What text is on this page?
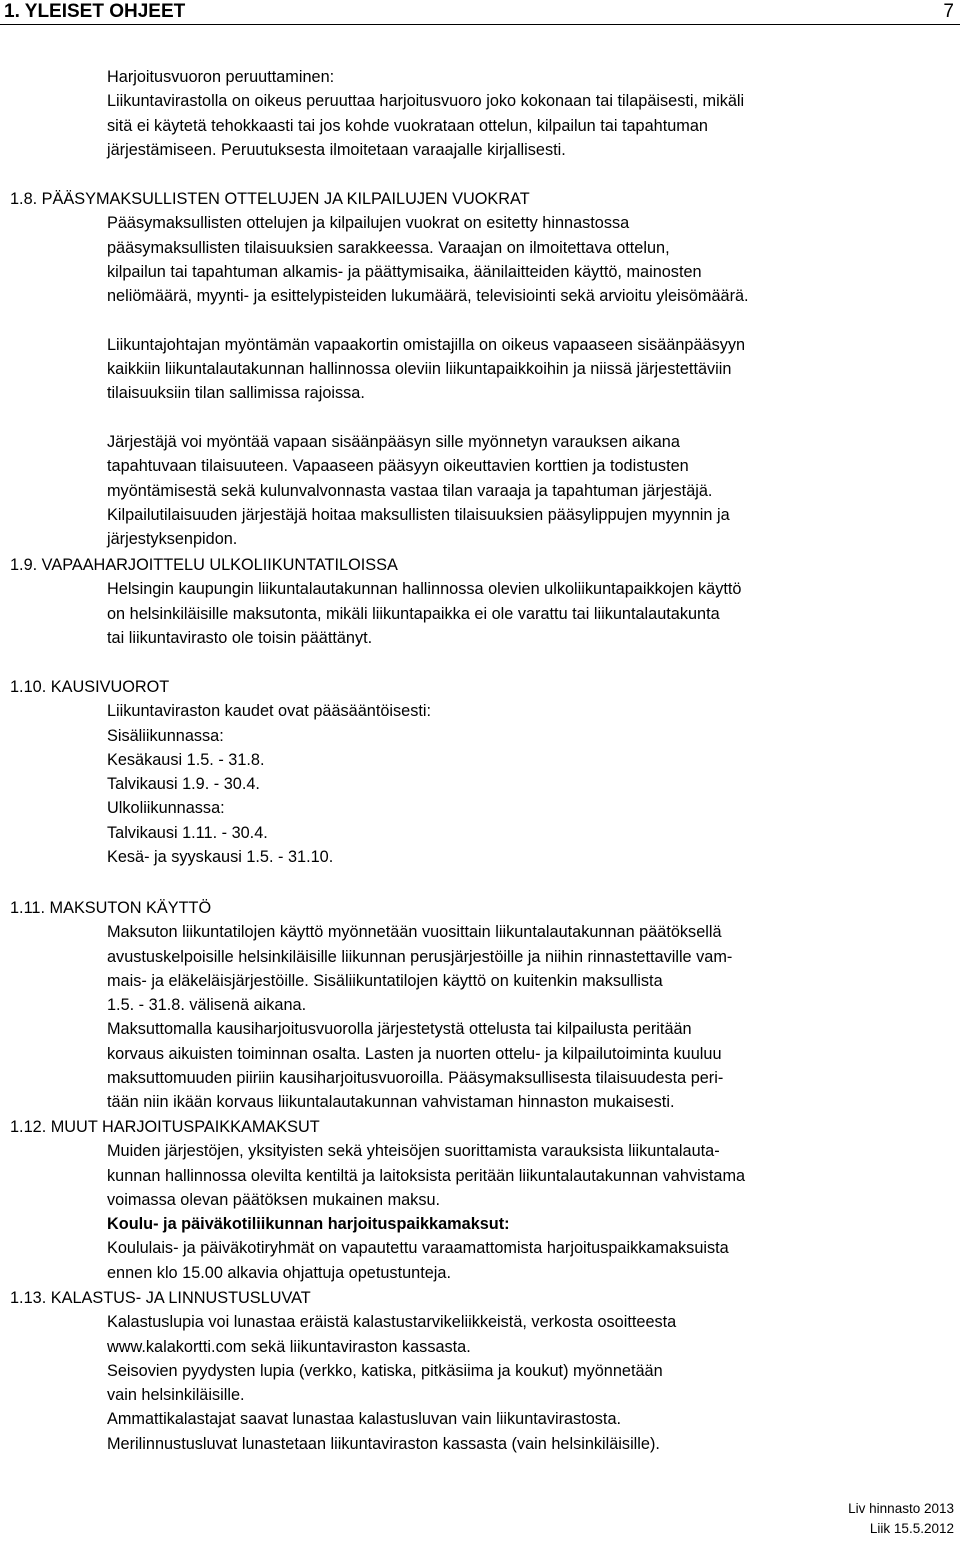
1. YLEISET OHJEET	7
Harjoitusvuoron peruuttaminen:
Liikuntavirastolla on oikeus peruuttaa harjoitusvuoro joko kokonaan tai tilapäisesti, mikäli
sitä ei käytetä tehokkaasti tai jos kohde vuokrataan ottelun, kilpailun tai tapahtuman
järjestämiseen. Peruutuksesta ilmoitetaan varaajalle kirjallisesti.
1.8. PÄÄSYMAKSULLISTEN OTTELUJEN JA KILPAILUJEN VUOKRAT
Pääsymaksullisten ottelujen ja kilpailujen vuokrat on esitetty hinnastossa
pääsymaksullisten tilaisuuksien sarakkeessa. Varaajan on ilmoitettava ottelun,
kilpailun tai tapahtuman alkamis- ja päättymisaika, äänilaitteiden käyttö, mainosten
neliömäärä, myynti- ja esittelypisteiden lukumäärä, televisiointi sekä arvioitu yleisömäärä.
Liikuntajohtajan myöntämän vapaakortin omistajilla on oikeus vapaaseen sisäänpääsyyn
kaikkiin liikuntalautakunnan hallinnossa oleviin liikuntapaikkoihin ja niissä järjestettäviin
tilaisuuksiin tilan sallimissa rajoissa.
Järjestäjä voi myöntää vapaan sisäänpääsyn sille myönnetyn varauksen aikana
tapahtuvaan tilaisuuteen. Vapaaseen pääsyyn oikeuttavien korttien ja todistusten
myöntämisestä sekä kulunvalvonnasta vastaa tilan varaaja ja tapahtuman järjestäjä.
Kilpailutilaisuuden järjestäjä hoitaa maksullisten tilaisuuksien pääsylippujen myynnin ja
järjestyksenpidon.
1.9. VAPAAHARJOITTELU ULKOLIIKUNTATILOISSA
Helsingin kaupungin liikuntalautakunnan hallinnossa olevien ulkoliikuntapaikkojen käyttö
on helsinkiläisille maksutonta, mikäli liikuntapaikka ei ole varattu tai liikuntalautakunta
tai liikuntavirasto ole toisin päättänyt.
1.10. KAUSIVUOROT
Liikuntaviraston kaudet ovat pääsääntöisesti:
Sisäliikunnassa:
Kesäkausi 1.5. - 31.8.
Talvikausi 1.9. - 30.4.
Ulkoliikunnassa:
Talvikausi 1.11. - 30.4.
Kesä- ja syyskausi 1.5. - 31.10.
1.11. MAKSUTON KÄYTTÖ
Maksuton liikuntatilojen käyttö myönnetään vuosittain liikuntalautakunnan päätöksellä
avustuskelpoisille helsinkiläisille liikunnan perusjärjestöille ja niihin rinnastettaville vam-
mais- ja eläkeläisjärjestöille. Sisäliikuntatilojen käyttö on kuitenkin maksullista
1.5. - 31.8. välisenä aikana.
Maksuttomalla kausiharjoitusvuorolla järjestetystä ottelusta tai kilpailusta peritään
korvaus aikuisten toiminnan osalta. Lasten ja nuorten ottelu- ja kilpailutoiminta kuuluu
maksuttomuuden piiriin kausiharjoitusvuoroilla. Pääsymaksullisesta tilaisuudesta peri-
tään niin ikään korvaus liikuntalautakunnan vahvistaman hinnaston mukaisesti.
1.12. MUUT HARJOITUSPAIKKAMAKSUT
Muiden järjestöjen, yksityisten sekä yhteisöjen suorittamista varauksista liikuntalauta-
kunnan hallinnossa olevilta kentiltä ja laitoksista peritään liikuntalautakunnan vahvistama
voimassa olevan päätöksen mukainen maksu.
Koulu- ja päiväkotiliikunnan harjoituspaikkamaksut:
Koululais- ja päiväkotiryhmät on vapautettu varaamattomista harjoituspaikkamaksuista
ennen klo 15.00 alkavia ohjattuja opetustunteja.
1.13. KALASTUS- JA LINNUSTUSLUVAT
Kalastuslupia voi lunastaa eräistä kalastustarvikeliikkeistä, verkosta osoitteesta
www.kalakortti.com sekä liikuntaviraston kassasta.
Seisovien pyydysten lupia (verkko, katiska, pitkäsiima ja koukut) myönnetään
vain helsinkiläisille.
Ammattikalastajat saavat lunastaa kalastusluvan vain liikuntavirastosta.
Merilinnustusluvat lunastetaan liikuntaviraston kassasta (vain helsinkiläisille).
Liv hinnasto 2013
Liik 15.5.2012
